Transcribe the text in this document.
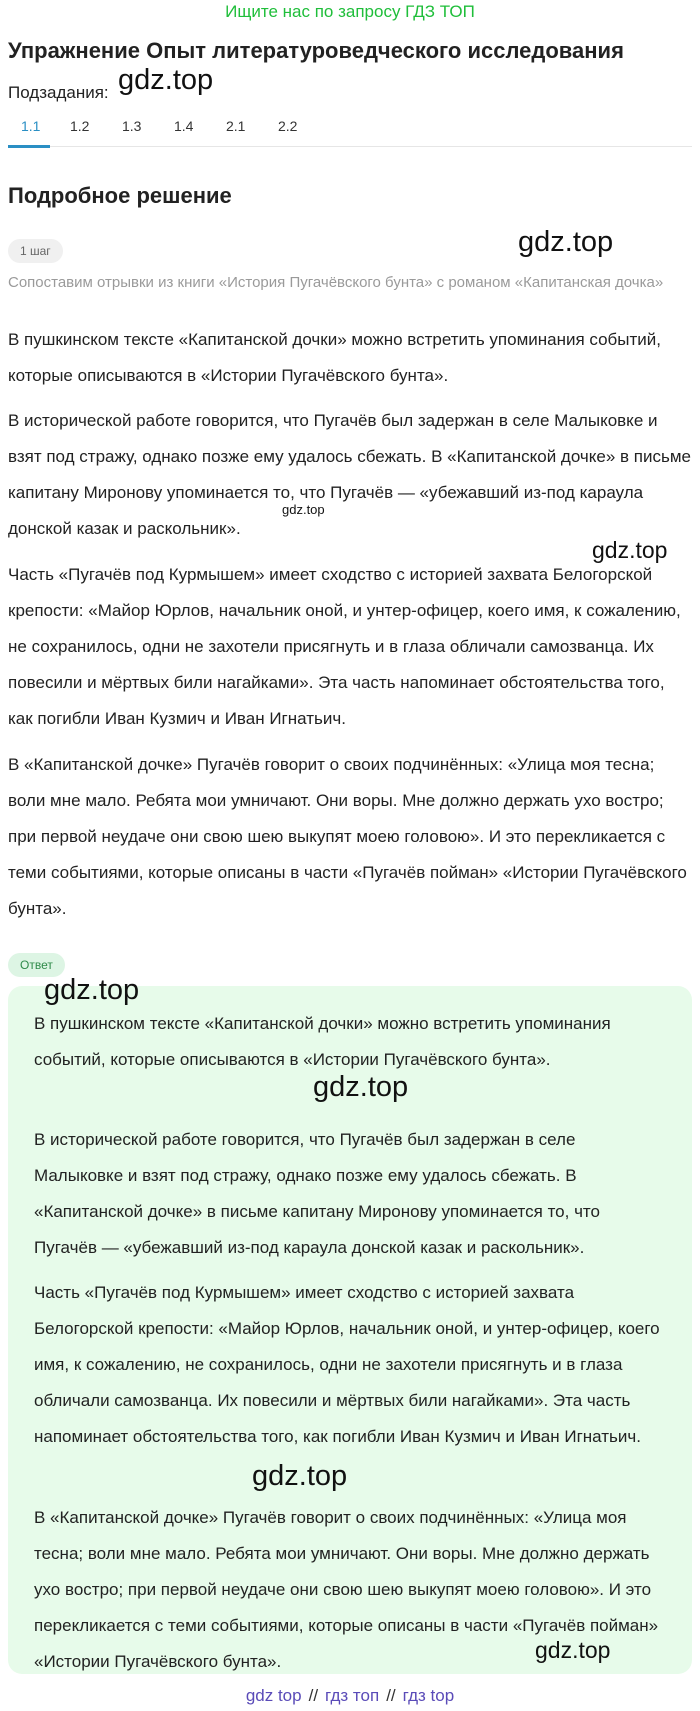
Ищите нас по запросу ГДЗ ТОП
Упражнение Опыт литературоведческого исследования
Подзадания: gdz.top
1.1 1.2 1.3 1.4 2.1 2.2
Подробное решение
1 шаг	gdz.top
Сопоставим отрывки из книги «История Пугачёвского бунта» с романом «Капитанская дочка»

В пушкинском тексте «Капитанской дочки» можно встретить упоминания событий, которые описываются в «Истории Пугачёвского бунта».

В исторической работе говорится, что Пугачёв был задержан в селе Малыковке и взят под стражу, однако позже ему удалось сбежать. В «Капитанской дочке» в письме капитану Миронову упоминается то, что Пугачёв — «убежавший из-под караула донской казак и раскольник».

gdz.top
gdz.top

Часть «Пугачёв под Курмышем» имеет сходство с историей захвата Белогорской крепости: «Майор Юрлов, начальник оной, и унтер-офицер, коего имя, к сожалению, не сохранилось, одни не захотели присягнуть и в глаза обличали самозванца. Их повесили и мёртвых били нагайками». Эта часть напоминает обстоятельства того, как погибли Иван Кузмич и Иван Игнатьич.

В «Капитанской дочке» Пугачёв говорит о своих подчинённых: «Улица моя тесна; воли мне мало. Ребята мои умничают. Они воры. Мне должно держать ухо востро; при первой неудаче они свою шею выкупят моею головою». И это перекликается с теми событиями, которые описаны в части «Пугачёв пойман» «Истории Пугачёвского бунта».

Ответ
gdz.top

В пушкинском тексте «Капитанской дочки» можно встретить упоминания событий, которые описываются в «Истории Пугачёвского бунта».

gdz.top

В исторической работе говорится, что Пугачёв был задержан в селе Малыковке и взят под стражу, однако позже ему удалось сбежать. В «Капитанской дочке» в письме капитану Миронову упоминается то, что Пугачёв — «убежавший из-под караула донской казак и раскольник».

Часть «Пугачёв под Курмышем» имеет сходство с историей захвата Белогорской крепости: «Майор Юрлов, начальник оной, и унтер-офицер, коего имя, к сожалению, не сохранилось, одни не захотели присягнуть и в глаза обличали самозванца. Их повесили и мёртвых били нагайками». Эта часть напоминает обстоятельства того, как погибли Иван Кузмич и Иван Игнатьич.

gdz.top

В «Капитанской дочке» Пугачёв говорит о своих подчинённых: «Улица моя тесна; воли мне мало. Ребята мои умничают. Они воры. Мне должно держать ухо востро; при первой неудаче они свою шею выкупят моею головою». И это перекликается с теми событиями, которые описаны в части «Пугачёв пойман» «Истории Пугачёвского бунта».	gdz.top
gdz top // гдз топ // гдз top
